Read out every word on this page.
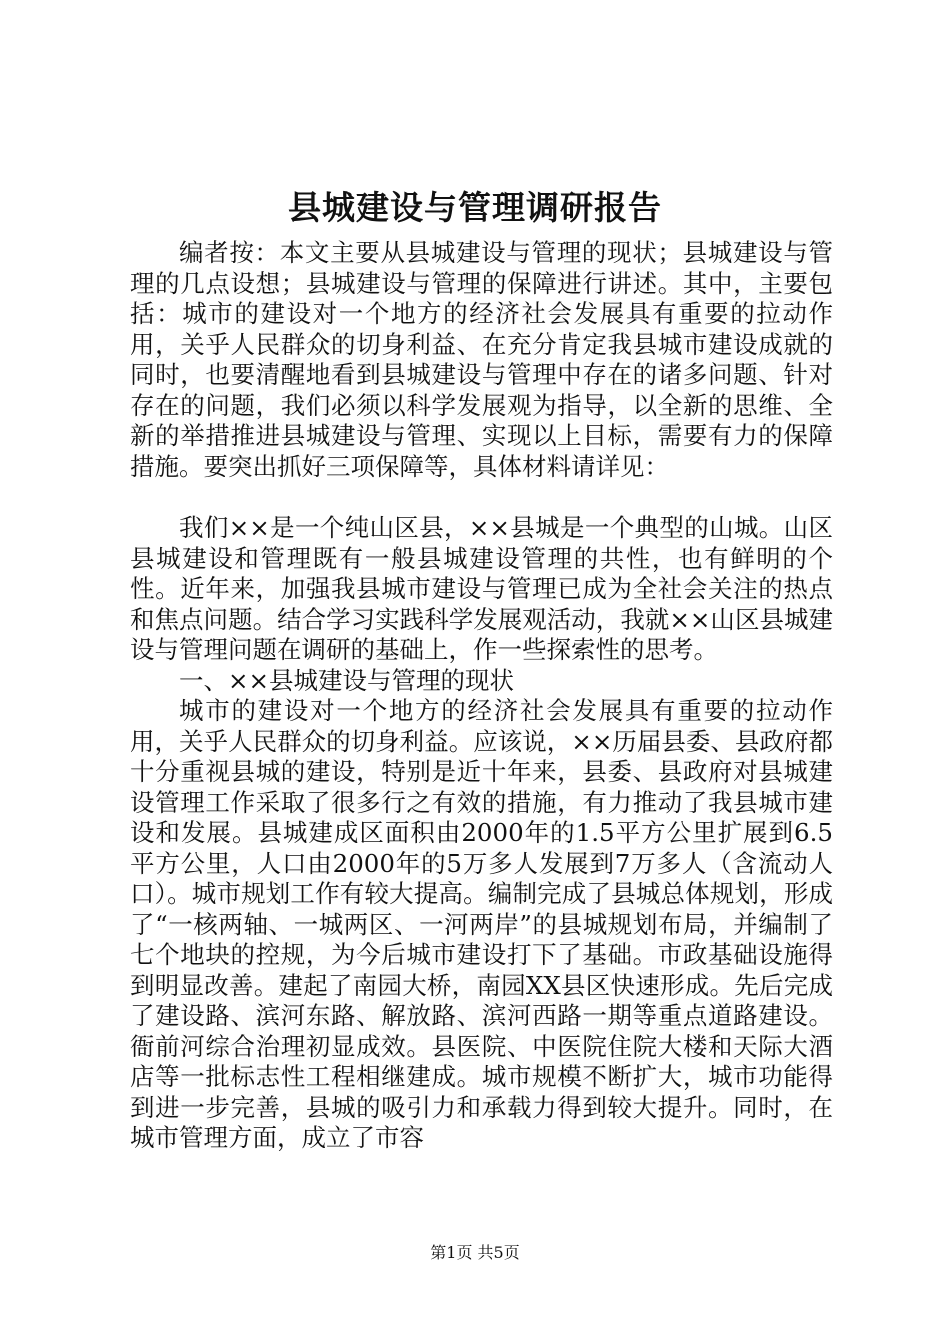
县城建设与管理调研报告

编者按：本文主要从县城建设与管理的现状；县城建设与管理的几点设想；县城建设与管理的保障进行讲述。其中，主要包括：城市的建设对一个地方的经济社会发展具有重要的拉动作用，关乎人民群众的切身利益、在充分肯定我县城市建设成就的同时，也要清醒地看到县城建设与管理中存在的诸多问题、针对存在的问题，我们必须以科学发展观为指导，以全新的思维、全新的举措推进县城建设与管理、实现以上目标，需要有力的保障措施。要突出抓好三项保障等，具体材料请详见：

我们××是一个纯山区县，××县城是一个典型的山城。山区县城建设和管理既有一般县城建设管理的共性，也有鲜明的个性。近年来，加强我县城市建设与管理已成为全社会关注的热点和焦点问题。结合学习实践科学发展观活动，我就××山区县城建设与管理问题在调研的基础上，作一些探索性的思考。

一、××县城建设与管理的现状

城市的建设对一个地方的经济社会发展具有重要的拉动作用，关乎人民群众的切身利益。应该说，××历届县委、县政府都十分重视县城的建设，特别是近十年来，县委、县政府对县城建设管理工作采取了很多行之有效的措施，有力推动了我县城市建设和发展。县城建成区面积由2000年的1.5平方公里扩展到6.5平方公里，人口由2000年的5万多人发展到7万多人（含流动人口）。城市规划工作有较大提高。编制完成了县城总体规划，形成了“一核两轴、一城两区、一河两岸”的县城规划布局，并编制了七个地块的控规，为今后城市建设打下了基础。市政基础设施得到明显改善。建起了南园大桥，南园XX县区快速形成。先后完成了建设路、滨河东路、解放路、滨河西路一期等重点道路建设。衙前河综合治理初显成效。县医院、中医院住院大楼和天际大酒店等一批标志性工程相继建成。城市规模不断扩大，城市功能得到进一步完善，县城的吸引力和承载力得到较大提升。同时，在城市管理方面，成立了市容

第1页 共5页
